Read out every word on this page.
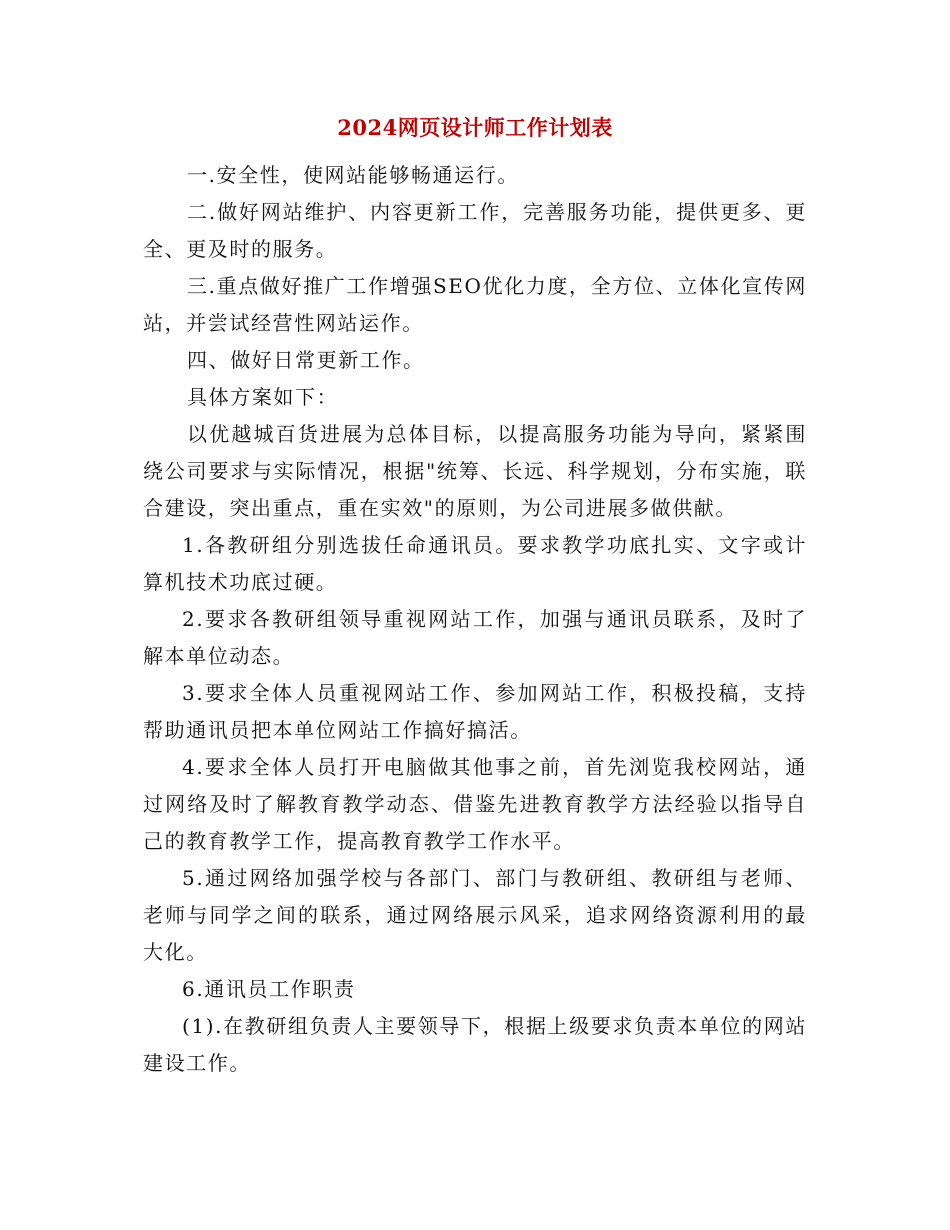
2024网页设计师工作计划表

一.安全性，使网站能够畅通运行。

二.做好网站维护、内容更新工作，完善服务功能，提供更多、更全、更及时的服务。

三.重点做好推广工作增强SEO优化力度，全方位、立体化宣传网站，并尝试经营性网站运作。

四、做好日常更新工作。

具体方案如下：

以优越城百货进展为总体目标，以提高服务功能为导向，紧紧围绕公司要求与实际情况，根据"统筹、长远、科学规划，分布实施，联合建设，突出重点，重在实效"的原则，为公司进展多做供献。

1.各教研组分别选拔任命通讯员。要求教学功底扎实、文字或计算机技术功底过硬。

2.要求各教研组领导重视网站工作，加强与通讯员联系，及时了解本单位动态。

3.要求全体人员重视网站工作、参加网站工作，积极投稿，支持帮助通讯员把本单位网站工作搞好搞活。

4.要求全体人员打开电脑做其他事之前，首先浏览我校网站，通过网络及时了解教育教学动态、借鉴先进教育教学方法经验以指导自己的教育教学工作，提高教育教学工作水平。

5.通过网络加强学校与各部门、部门与教研组、教研组与老师、老师与同学之间的联系，通过网络展示风采，追求网络资源利用的最大化。

6.通讯员工作职责

(1).在教研组负责人主要领导下，根据上级要求负责本单位的网站建设工作。
